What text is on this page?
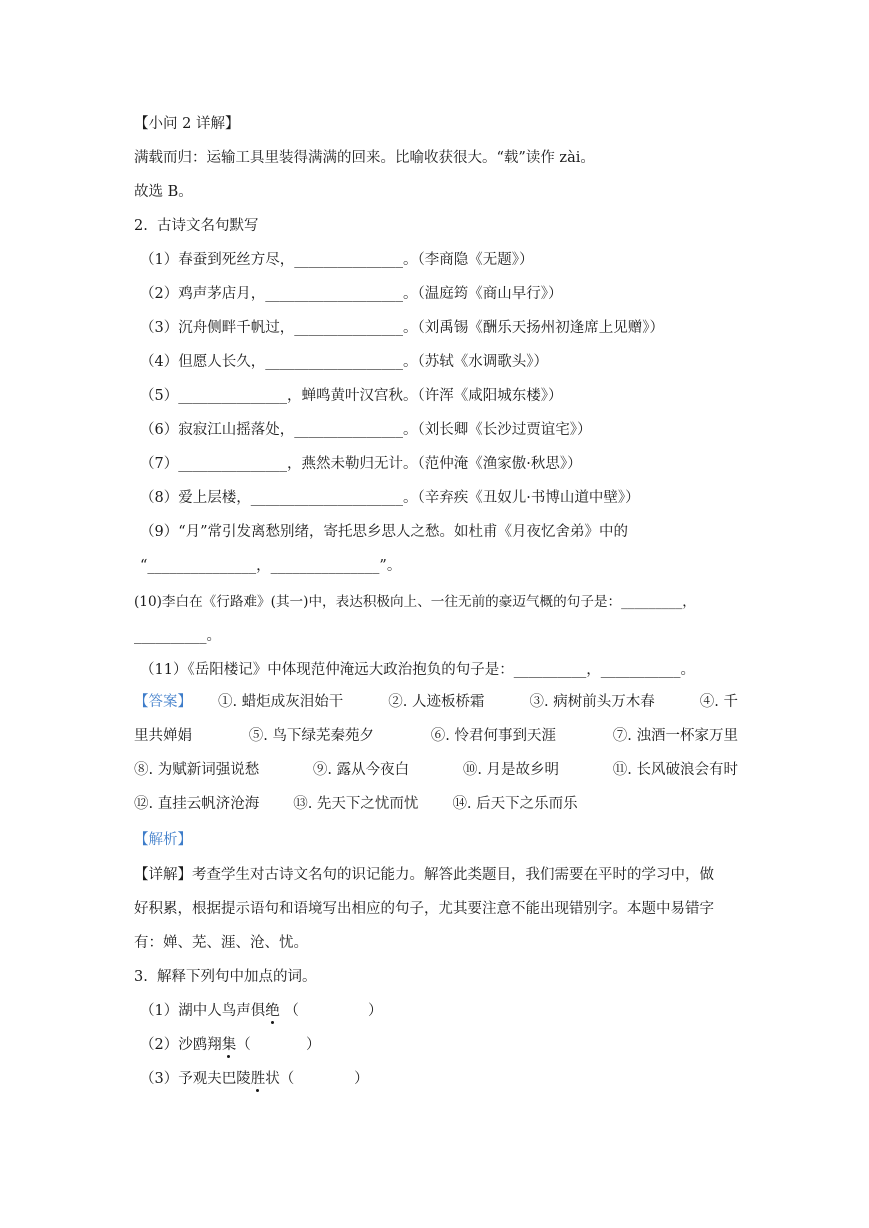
【小问 2 详解】
满载而归：运输工具里装得满满的回来。比喻收获很大。“载”读作 zài。
故选 B。
2.  古诗文名句默写
（1）春蚕到死丝方尽，_______________。（李商隐《无题》）
（2）鸡声茅店月，___________________。（温庭筠《商山早行》）
（3）沉舟侧畔千帆过，_______________。（刘禹锡《酬乐天扬州初逢席上见赠》）
（4）但愿人长久，___________________。（苏轼《水调歌头》）
（5）_______________，蝉鸣黄叶汉宫秋。（许浑《咸阳城东楼》）
（6）寂寂江山摇落处，_______________。（刘长卿《长沙过贾谊宅》）
（7）_______________，燕然未勒归无计。（范仲淹《渔家傲·秋思》）
（8）爱上层楼，_____________________。（辛弃疾《丑奴儿·书博山道中壁》）
（9）“月”常引发离愁别绪，寄托思乡思人之愁。如杜甫《月夜忆舍弟》中的
“_______________，_______________”。
(10)李白在《行路难》(其一)中，表达积极向上、一往无前的豪迈气概的句子是：_________，
__________。
（11）《岳阳楼记》中体现范仲淹远大政治抱负的句子是：__________，___________。
【答案】 ①. 蜡炬成灰泪始干	②. 人迹板桥霜	③. 病树前头万木春	④. 千
里共婵娟	⑤. 鸟下绿芜秦苑夕	⑥. 怜君何事到天涯	⑦. 浊酒一杯家万里
⑧. 为赋新词强说愁	⑨. 露从今夜白	⑩. 月是故乡明	⑪. 长风破浪会有时
⑫. 直挂云帆济沧海 ⑬. 先天下之忧而忧 ⑭. 后天下之乐而乐
【解析】
【详解】考查学生对古诗文名句的识记能力。解答此类题目，我们需要在平时的学习中，做
好积累，根据提示语句和语境写出相应的句子，尤其要注意不能出现错别字。本题中易错字
有：婵、芜、涯、沧、忧。
3.  解释下列句中加点的词。
（1）湖中人鸟声俱绝 （               ）
（2）沙鸥翔集（            ）
（3）予观夫巴陵胜状（             ）
